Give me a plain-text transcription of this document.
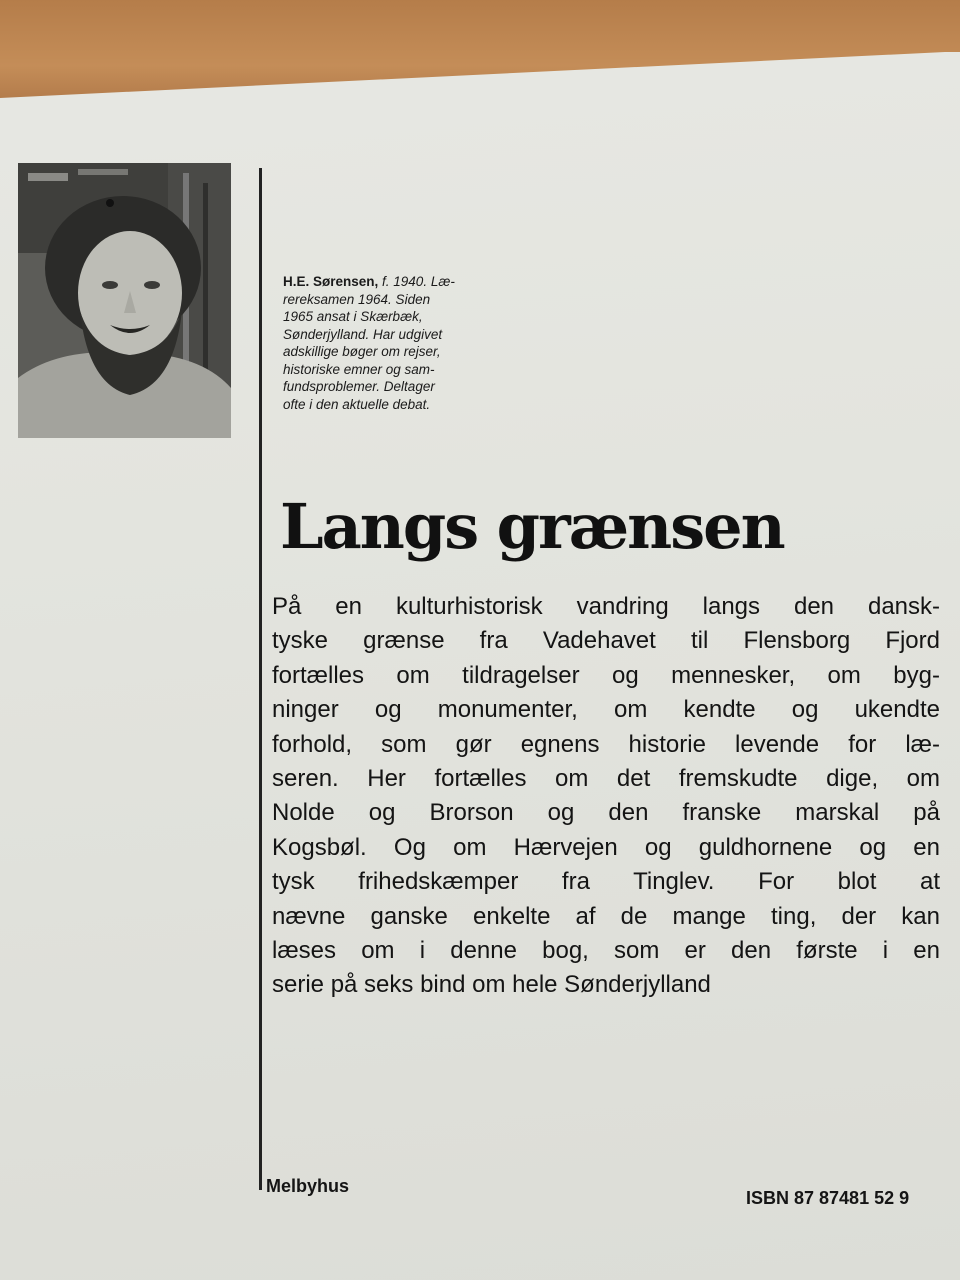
H.E. Sørensen, f. 1940. Læ-
rereksamen 1964. Siden
1965 ansat i Skærbæk,
Sønderjylland. Har udgivet
adskillige bøger om rejser,
historiske emner og sam-
fundsproblemer. Deltager
ofte i den aktuelle debat.
Langs grænsen

På en kulturhistorisk vandring langs den dansk-
tyske grænse fra Vadehavet til Flensborg Fjord
fortælles om tildragelser og mennesker, om byg-
ninger og monumenter, om kendte og ukendte
forhold, som gør egnens historie levende for læ-
seren. Her fortælles om det fremskudte dige, om
Nolde og Brorson og den franske marskal på
Kogsbøl. Og om Hærvejen og guldhornene og en
tysk frihedskæmper fra Tinglev. For blot at
nævne ganske enkelte af de mange ting, der kan
læses om i denne bog, som er den første i en
serie på seks bind om hele Sønderjylland

Melbyhus
ISBN 87 87481 52 9
